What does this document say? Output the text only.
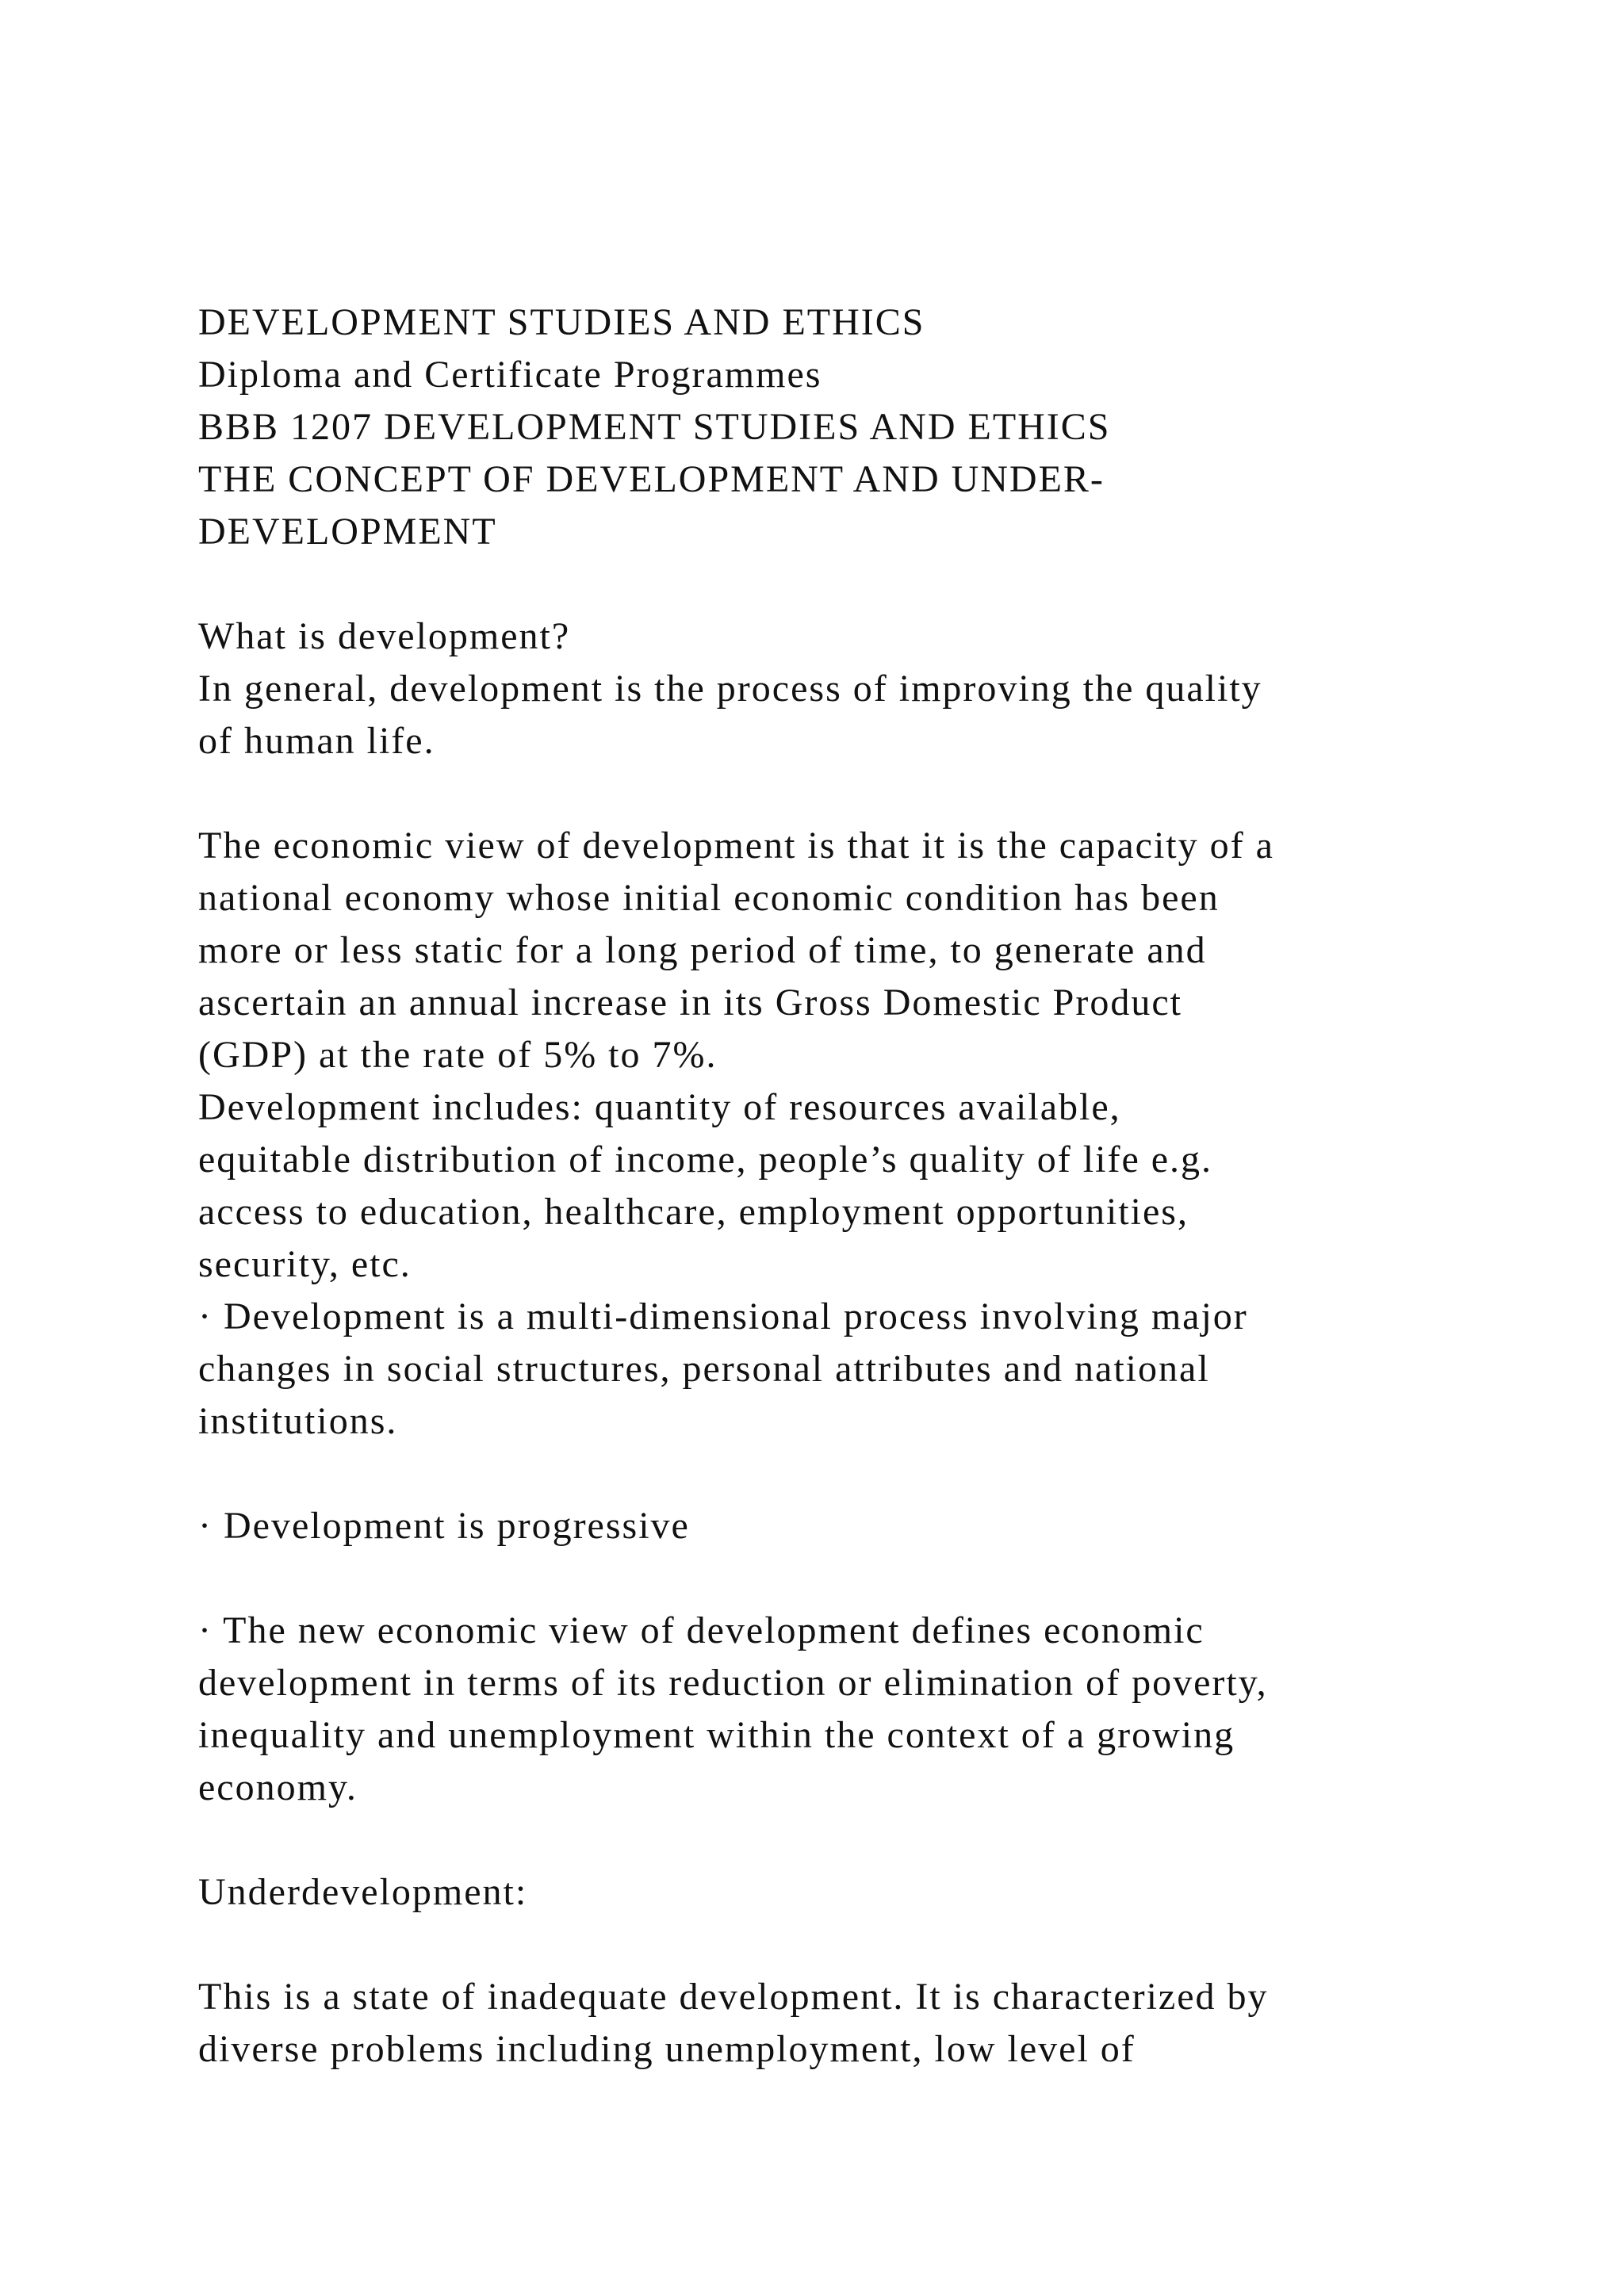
DEVELOPMENT STUDIES AND ETHICS
Diploma and Certificate Programmes
BBB 1207 DEVELOPMENT STUDIES AND ETHICS
THE CONCEPT OF DEVELOPMENT AND UNDER-
DEVELOPMENT
What is development?
In general, development is the process of improving the quality
of human life.
The economic view of development is that it is the capacity of a
national economy whose initial economic condition has been
more or less static for a long period of time, to generate and
ascertain an annual increase in its Gross Domestic Product
(GDP) at the rate of 5% to 7%.
Development includes: quantity of resources available,
equitable distribution of income, people’s quality of life e.g.
access to education, healthcare, employment opportunities,
security, etc.
· Development is a multi-dimensional process involving major
changes in social structures, personal attributes and national
institutions.
· Development is progressive
· The new economic view of development defines economic
development in terms of its reduction or elimination of poverty,
inequality and unemployment within the context of a growing
economy.
Underdevelopment:
This is a state of inadequate development. It is characterized by
diverse problems including unemployment, low level of
